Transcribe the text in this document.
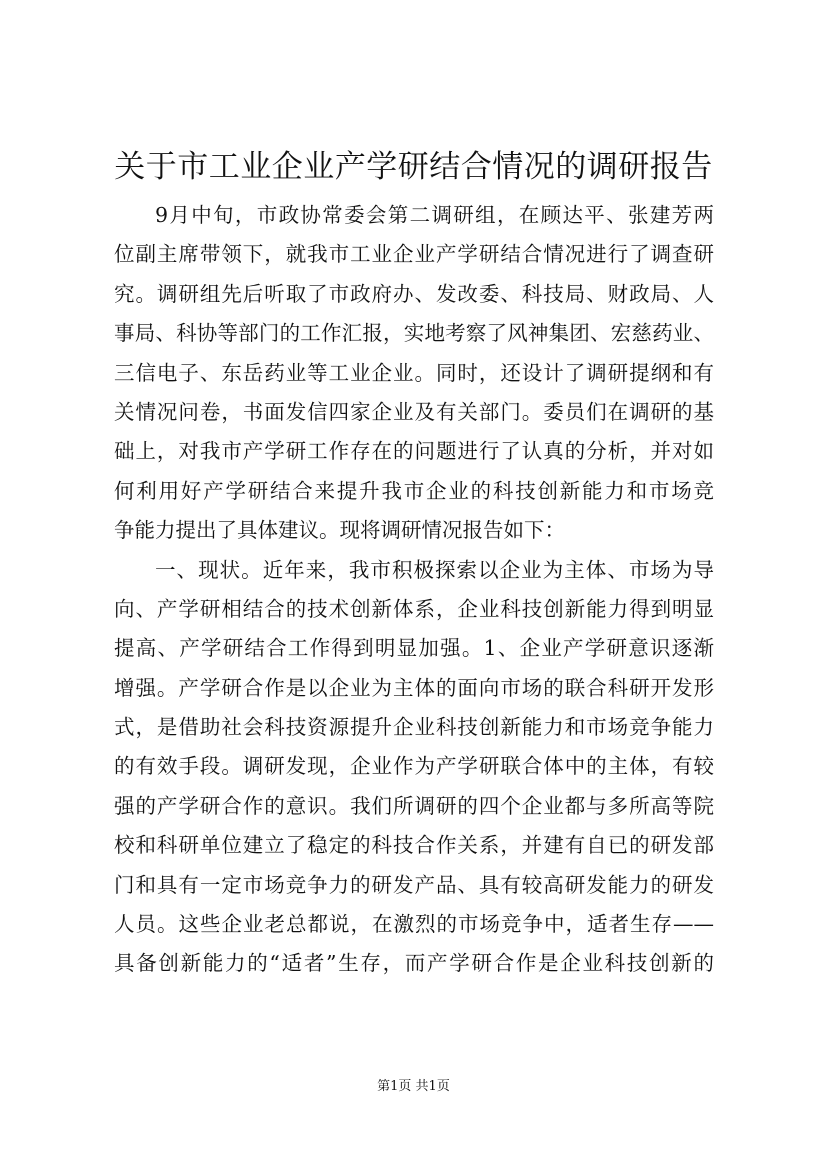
关于市工业企业产学研结合情况的调研报告
9月中旬，市政协常委会第二调研组，在顾达平、张建芳两
位副主席带领下，就我市工业企业产学研结合情况进行了调查研
究。调研组先后听取了市政府办、发改委、科技局、财政局、人
事局、科协等部门的工作汇报，实地考察了风神集团、宏慈药业、
三信电子、东岳药业等工业企业。同时，还设计了调研提纲和有
关情况问卷，书面发信四家企业及有关部门。委员们在调研的基
础上，对我市产学研工作存在的问题进行了认真的分析，并对如
何利用好产学研结合来提升我市企业的科技创新能力和市场竞
争能力提出了具体建议。现将调研情况报告如下：
一、现状。近年来，我市积极探索以企业为主体、市场为导
向、产学研相结合的技术创新体系，企业科技创新能力得到明显
提高、产学研结合工作得到明显加强。1、企业产学研意识逐渐
增强。产学研合作是以企业为主体的面向市场的联合科研开发形
式，是借助社会科技资源提升企业科技创新能力和市场竞争能力
的有效手段。调研发现，企业作为产学研联合体中的主体，有较
强的产学研合作的意识。我们所调研的四个企业都与多所高等院
校和科研单位建立了稳定的科技合作关系，并建有自已的研发部
门和具有一定市场竞争力的研发产品、具有较高研发能力的研发
人员。这些企业老总都说，在激烈的市场竞争中，适者生存——
具备创新能力的“适者”生存，而产学研合作是企业科技创新的
第1页 共1页
